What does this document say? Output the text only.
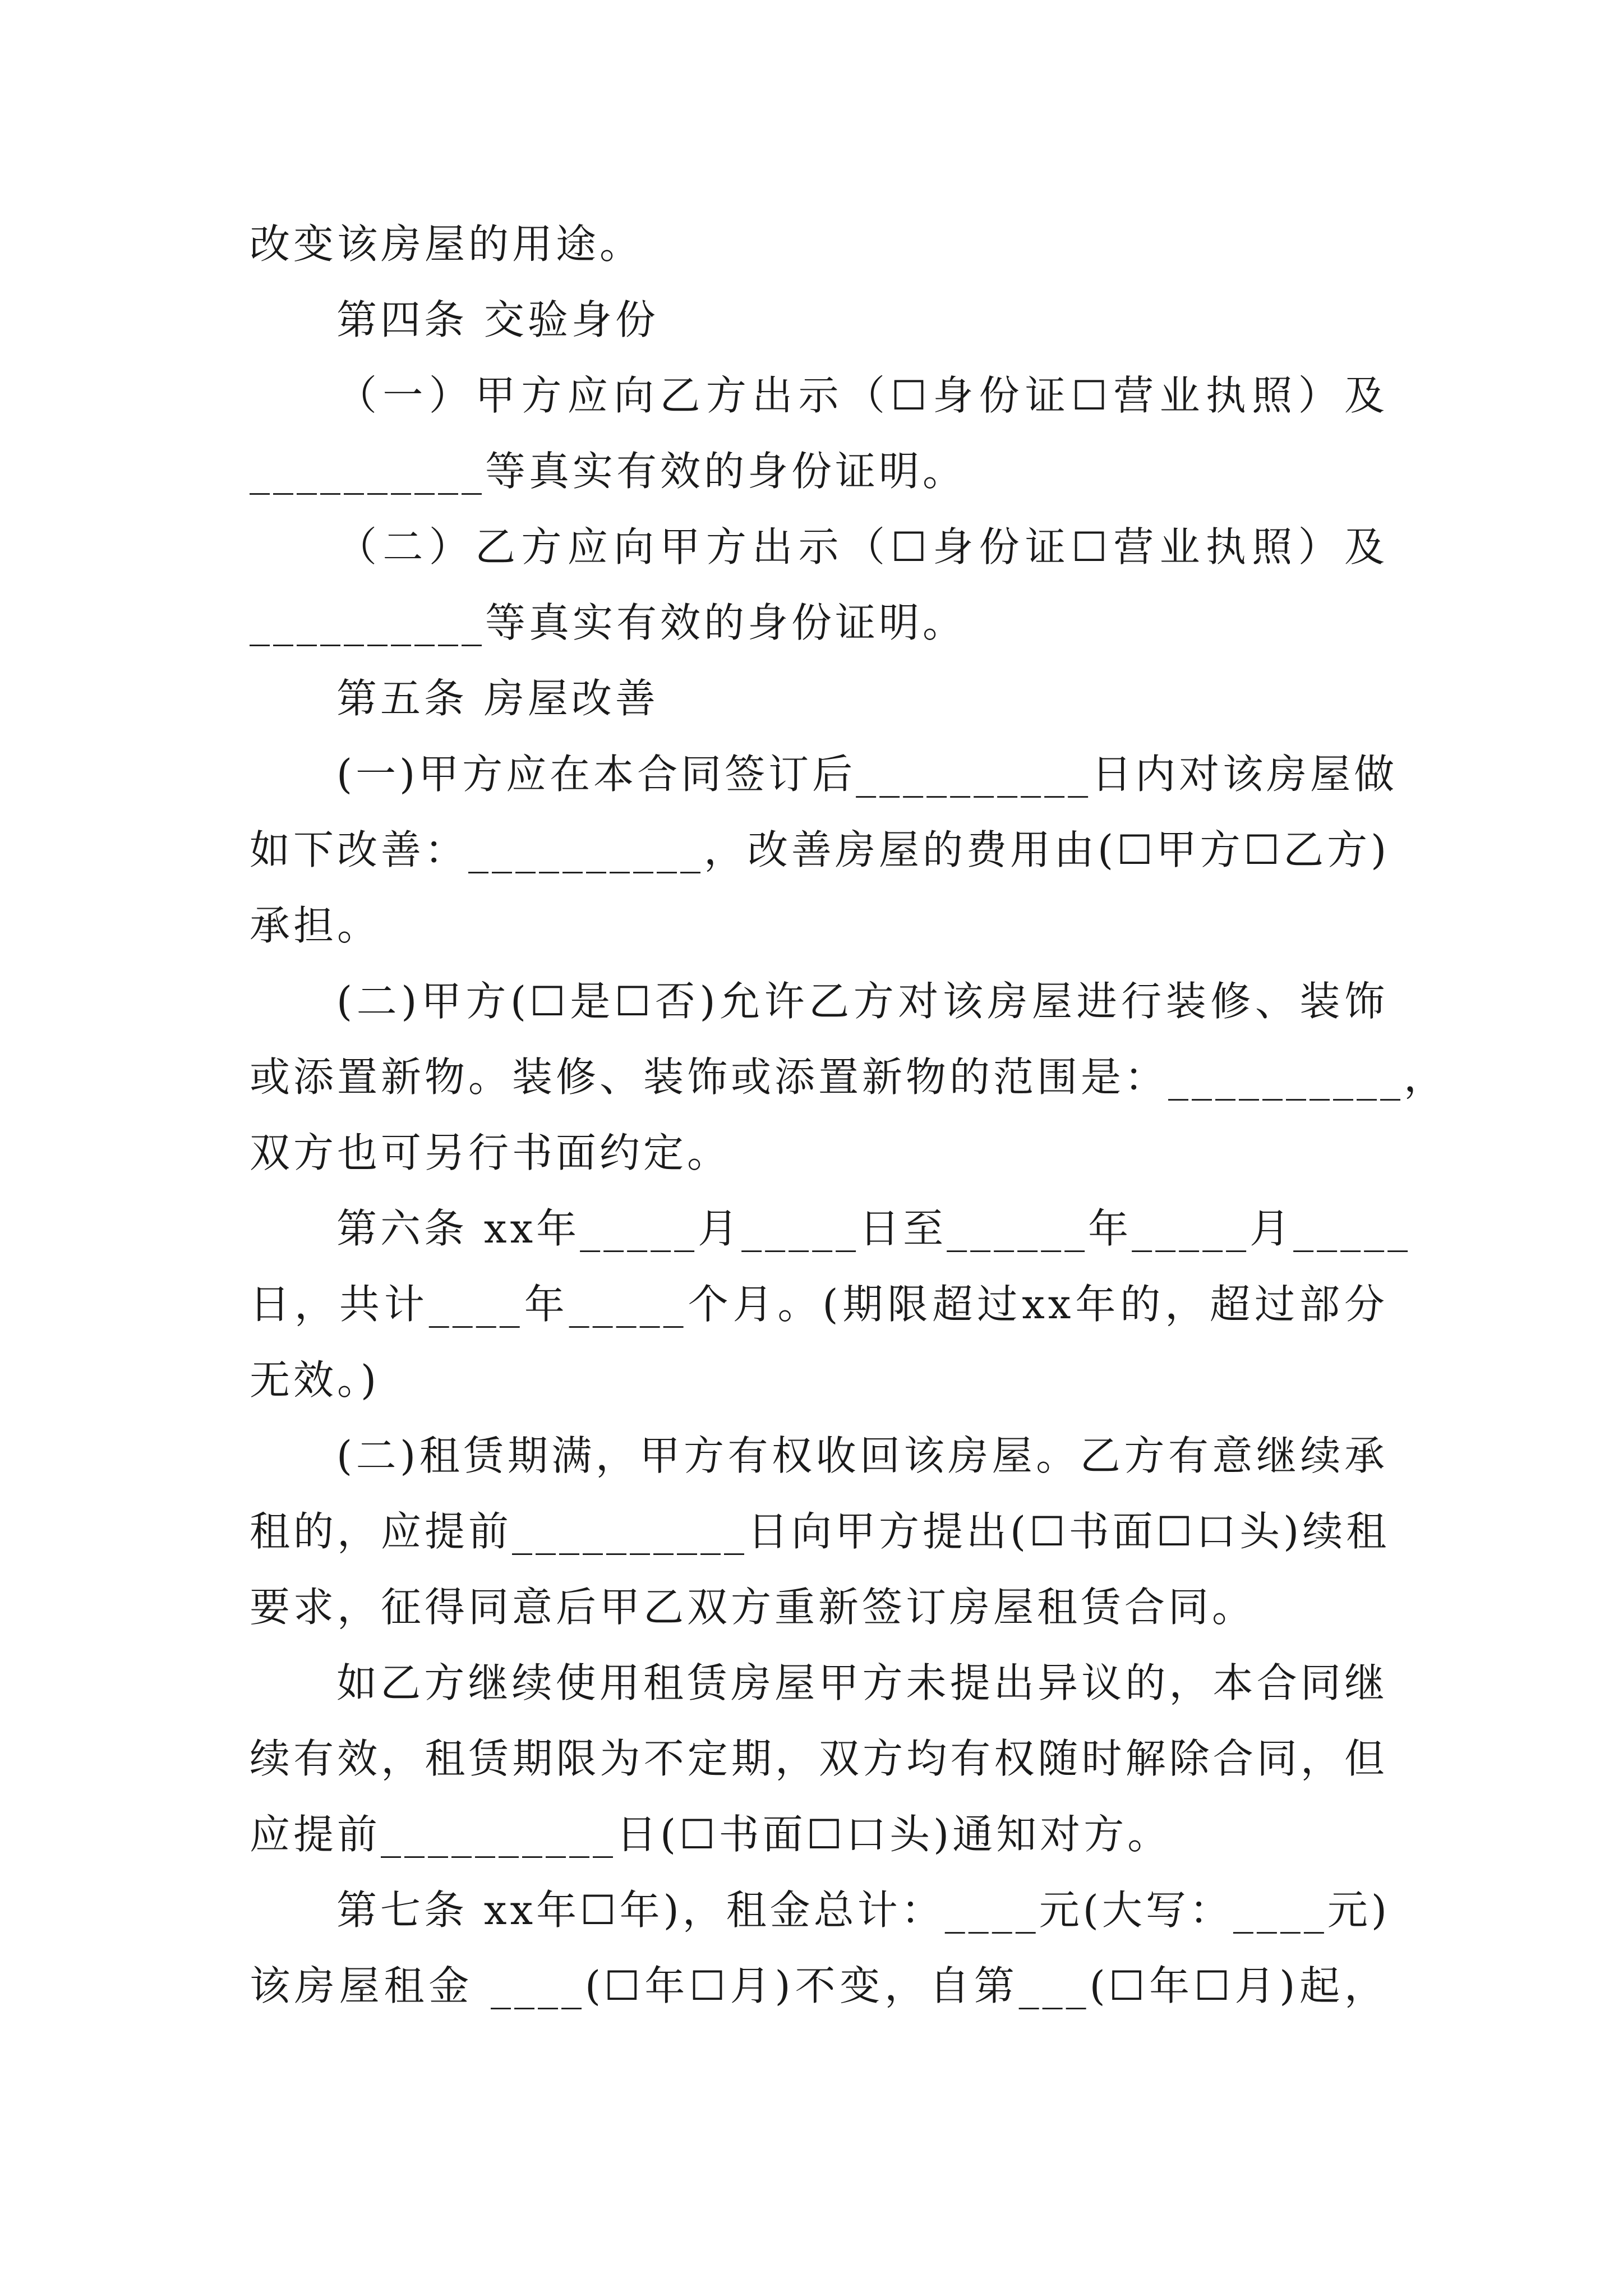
改变该房屋的用途。
第四条 交验身份
（一）甲方应向乙方出示（☐身份证☐营业执照）及
__________等真实有效的身份证明。
（二）乙方应向甲方出示（☐身份证☐营业执照）及
__________等真实有效的身份证明。
第五条 房屋改善
(一)甲方应在本合同签订后__________日内对该房屋做
如下改善：__________，改善房屋的费用由(☐甲方☐乙方)
承担。
(二)甲方(☐是☐否)允许乙方对该房屋进行装修、装饰
或添置新物。装修、装饰或添置新物的范围是：__________，
双方也可另行书面约定。
第六条 xx年_____月_____日至______年_____月_____
日，共计____年_____个月。(期限超过xx年的，超过部分
无效。)
(二)租赁期满，甲方有权收回该房屋。乙方有意继续承
租的，应提前__________日向甲方提出(☐书面☐口头)续租
要求，征得同意后甲乙双方重新签订房屋租赁合同。
如乙方继续使用租赁房屋甲方未提出异议的，本合同继
续有效，租赁期限为不定期，双方均有权随时解除合同，但
应提前__________日(☐书面☐口头)通知对方。
第七条 xx年☐年)，租金总计：____元(大写：____元)
该房屋租金 ____(☐年☐月)不变，自第___(☐年☐月)起，
